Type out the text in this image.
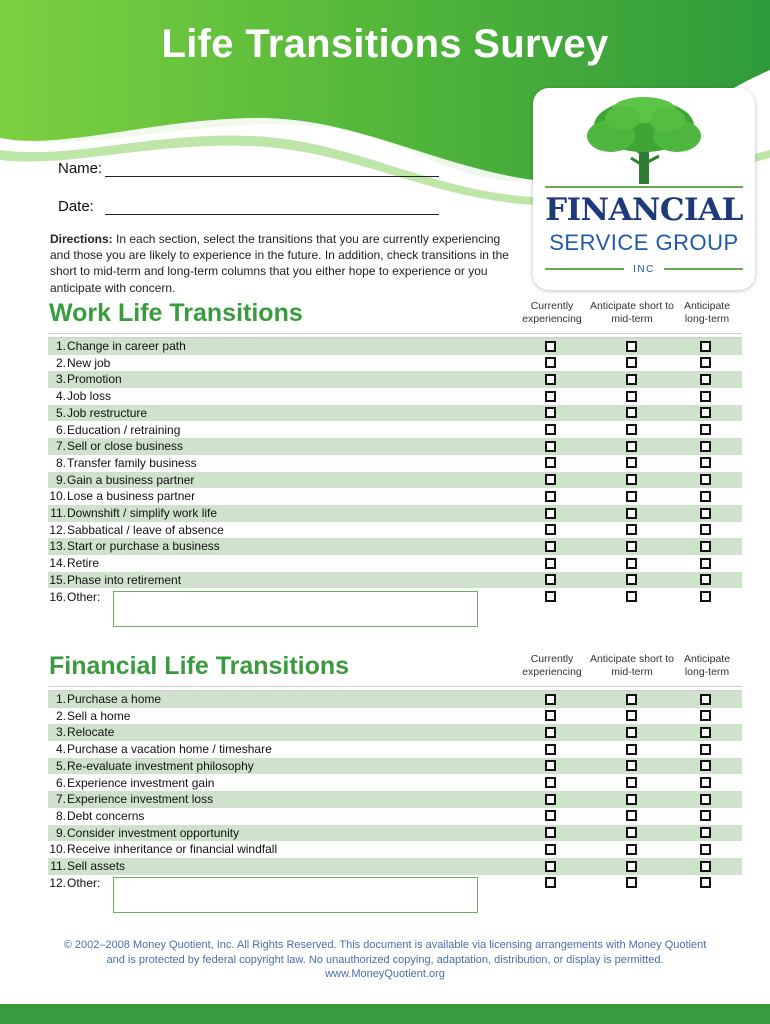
Life Transitions Survey
FINANCIAL
SERVICE GROUP
INC
Name:
Date:
Directions: In each section, select the transitions that you are currently experiencing and those you are likely to experience in the future. In addition, check transitions in the short to mid-term and long-term columns that you either hope to experience or you anticipate with concern.
Work Life Transitions	Currently
experiencing
Anticipate short to
mid-term
Anticipate
long-term
1. Change in career path
2. New job
3. Promotion
4. Job loss
5. Job restructure
6. Education / retraining
7. Sell or close business
8. Transfer family business
9. Gain a business partner
10. Lose a business partner
11. Downshift / simplify work life
12. Sabbatical / leave of absence
13. Start or purchase a business
14. Retire
15. Phase into retirement
16. Other:
Financial Life Transitions	Currently
experiencing
Anticipate short to
mid-term
Anticipate
long-term
1. Purchase a home
2. Sell a home
3. Relocate
4. Purchase a vacation home / timeshare
5. Re-evaluate investment philosophy
6. Experience investment gain
7. Experience investment loss
8. Debt concerns
9. Consider investment opportunity
10. Receive inheritance or financial windfall
11. Sell assets
12. Other:
© 2002–2008 Money Quotient, Inc. All Rights Reserved. This document is available via licensing arrangements with Money Quotient
and is protected by federal copyright law. No unauthorized copying, adaptation, distribution, or display is permitted.
www.MoneyQuotient.org
